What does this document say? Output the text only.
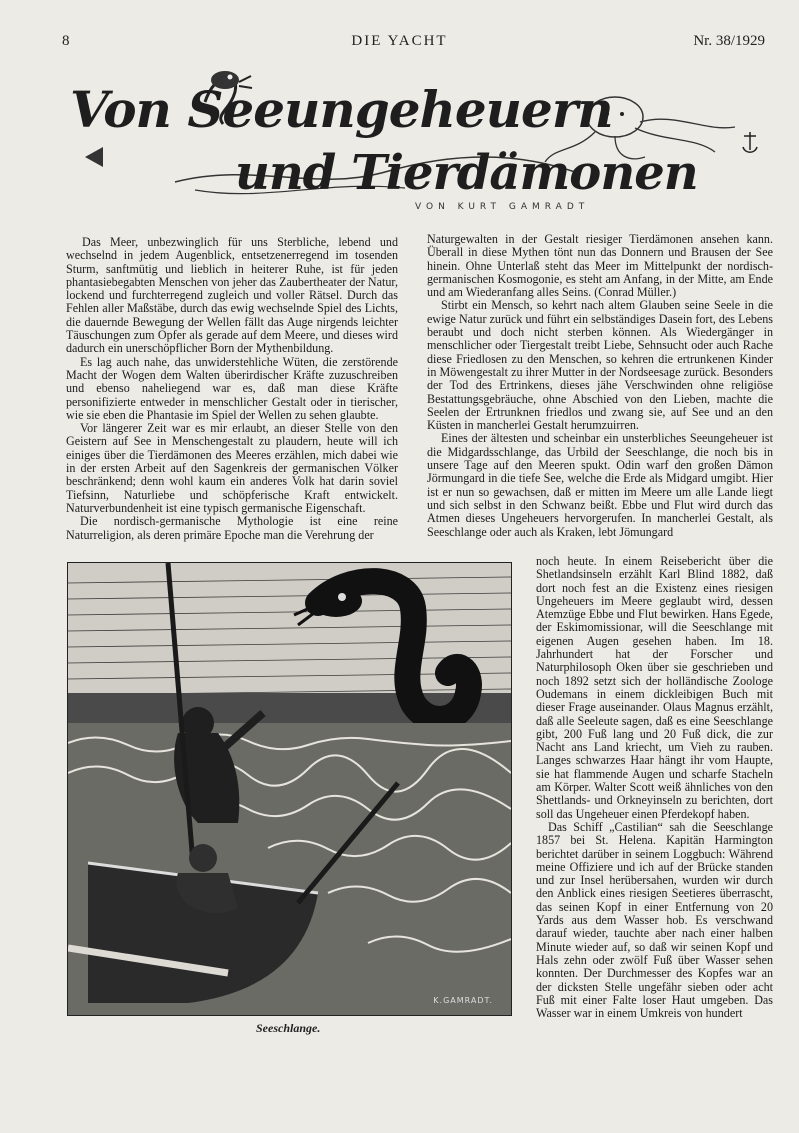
8	DIE YACHT	Nr. 38/1929
Von Seeungeheuern
und Tierdämonen
VON KURT GAMRADT

Das Meer, unbezwinglich für uns Sterbliche, lebend und wechselnd in jedem Augenblick, entsetzenerregend im tosenden Sturm, sanftmütig und lieblich in heiterer Ruhe, ist für jeden phantasiebegabten Menschen von jeher das Zaubertheater der Natur, lockend und furchterregend zugleich und voller Rätsel. Durch das Fehlen aller Maßstäbe, durch das ewig wechselnde Spiel des Lichts, die dauernde Bewegung der Wellen fällt das Auge nirgends leichter Täuschungen zum Opfer als gerade auf dem Meere, und dieses wird dadurch ein unerschöpflicher Born der Mythenbildung.

Es lag auch nahe, das unwiderstehliche Wüten, die zerstörende Macht der Wogen dem Walten überirdischer Kräfte zuzuschreiben und ebenso naheliegend war es, daß man diese Kräfte personifizierte entweder in menschlicher Gestalt oder in tierischer, wie sie eben die Phantasie im Spiel der Wellen zu sehen glaubte.

Vor längerer Zeit war es mir erlaubt, an dieser Stelle von den Geistern auf See in Menschengestalt zu plaudern, heute will ich einiges über die Tierdämonen des Meeres erzählen, mich dabei wie in der ersten Arbeit auf den Sagenkreis der germanischen Völker beschränkend; denn wohl kaum ein anderes Volk hat darin soviel Tiefsinn, Naturliebe und schöpferische Kraft entwickelt. Naturverbundenheit ist eine typisch germanische Eigenschaft.

Die nordisch-germanische Mythologie ist eine reine Naturreligion, als deren primäre Epoche man die Verehrung der

Naturgewalten in der Gestalt riesiger Tierdämonen ansehen kann. Überall in diese Mythen tönt nun das Donnern und Brausen der See hinein. Ohne Unterlaß steht das Meer im Mittelpunkt der nordisch-germanischen Kosmogonie, es steht am Anfang, in der Mitte, am Ende und am Wiederanfang alles Seins. (Conrad Müller.)

Stirbt ein Mensch, so kehrt nach altem Glauben seine Seele in die ewige Natur zurück und führt ein selbständiges Dasein fort, des Lebens beraubt und doch nicht sterben können. Als Wiedergänger in menschlicher oder Tiergestalt treibt Liebe, Sehnsucht oder auch Rache diese Friedlosen zu den Menschen, so kehren die ertrunkenen Kinder in Möwengestalt zu ihrer Mutter in der Nordseesage zurück. Besonders der Tod des Ertrinkens, dieses jähe Verschwinden ohne religiöse Bestattungsgebräuche, ohne Abschied von den Lieben, machte die Seelen der Ertrunknen friedlos und zwang sie, auf See und an den Küsten in mancherlei Gestalt herumzuirren.

Eines der ältesten und scheinbar ein unsterbliches Seeungeheuer ist die Midgardsschlange, das Urbild der Seeschlange, die noch bis in unsere Tage auf den Meeren spukt. Odin warf den großen Dämon Jörmungard in die tiefe See, welche die Erde als Midgard umgibt. Hier ist er nun so gewachsen, daß er mitten im Meere um alle Lande liegt und sich selbst in den Schwanz beißt. Ebbe und Flut wird durch das Atmen dieses Ungeheuers hervorgerufen. In mancherlei Gestalt, als Seeschlange oder auch als Kraken, lebt Jömungard

noch heute. In einem Reisebericht über die Shetlandsinseln erzählt Karl Blind 1882, daß dort noch fest an die Existenz eines riesigen Ungeheuers im Meere geglaubt wird, dessen Atemzüge Ebbe und Flut bewirken. Hans Egede, der Eskimomissionar, will die Seeschlange mit eigenen Augen gesehen haben. Im 18. Jahrhundert hat der Forscher und Naturphilosoph Oken über sie geschrieben und noch 1892 setzt sich der holländische Zoologe Oudemans in einem dickleibigen Buch mit dieser Frage auseinander. Olaus Magnus erzählt, daß alle Seeleute sagen, daß es eine Seeschlange gibt, 200 Fuß lang und 20 Fuß dick, die zur Nacht ans Land kriecht, um Vieh zu rauben. Langes schwarzes Haar hängt ihr vom Haupte, sie hat flammende Augen und scharfe Stacheln am Körper. Walter Scott weiß ähnliches von den Shettlands- und Orkneyinseln zu berichten, dort soll das Ungeheuer einen Pferdekopf haben.

Das Schiff „Castilian“ sah die Seeschlange 1857 bei St. Helena. Kapitän Harmington berichtet darüber in seinem Loggbuch: Während meine Offiziere und ich auf der Brücke standen und zur Insel herübersahen, wurden wir durch den Anblick eines riesigen Seetieres überrascht, das seinen Kopf in einer Entfernung von 20 Yards aus dem Wasser hob. Es verschwand darauf wieder, tauchte aber nach einer halben Minute wieder auf, so daß wir seinen Kopf und Hals zehn oder zwölf Fuß über Wasser sehen konnten. Der Durchmesser des Kopfes war an der dicksten Stelle ungefähr sieben oder acht Fuß mit einer Falte loser Haut umgeben. Das Wasser war in einem Umkreis von hundert

K.GAMRADT.
Seeschlange.
